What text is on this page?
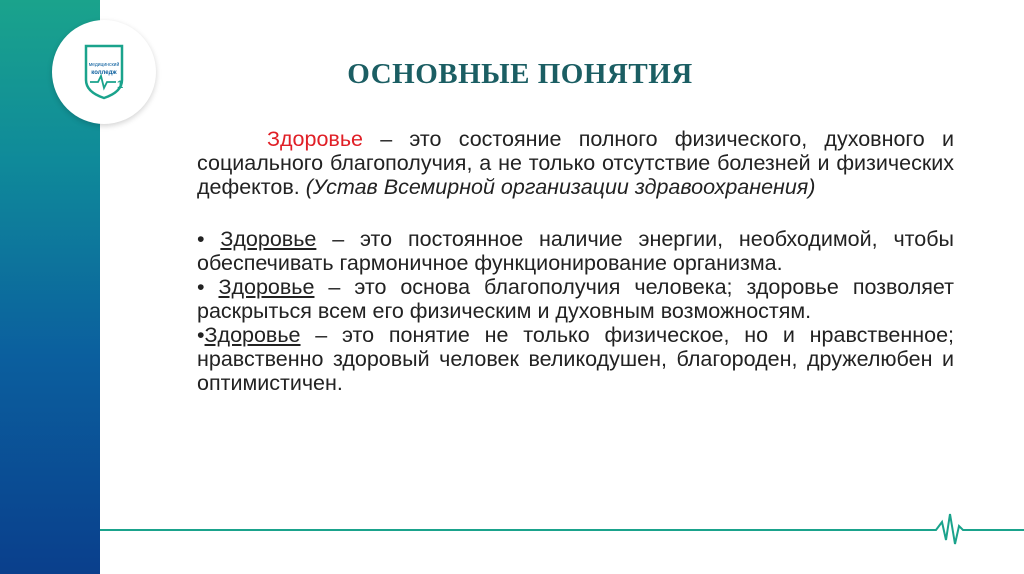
медицинский
колледж
1	ОСНОВНЫЕ ПОНЯТИЯ
Здоровье – это состояние полного физического, духовного и социального благополучия, а не только отсутствие болезней и физических дефектов. (Устав Всемирной организации здравоохранения)
• Здоровье – это постоянное наличие энергии, необходимой, чтобы обеспечивать гармоничное функционирование организма.
• Здоровье – это основа благополучия человека; здоровье позволяет раскрыться всем его физическим и духовным возможностям.
•Здоровье – это понятие не только физическое, но и нравственное; нравственно здоровый человек великодушен, благороден, дружелюбен и оптимистичен.
